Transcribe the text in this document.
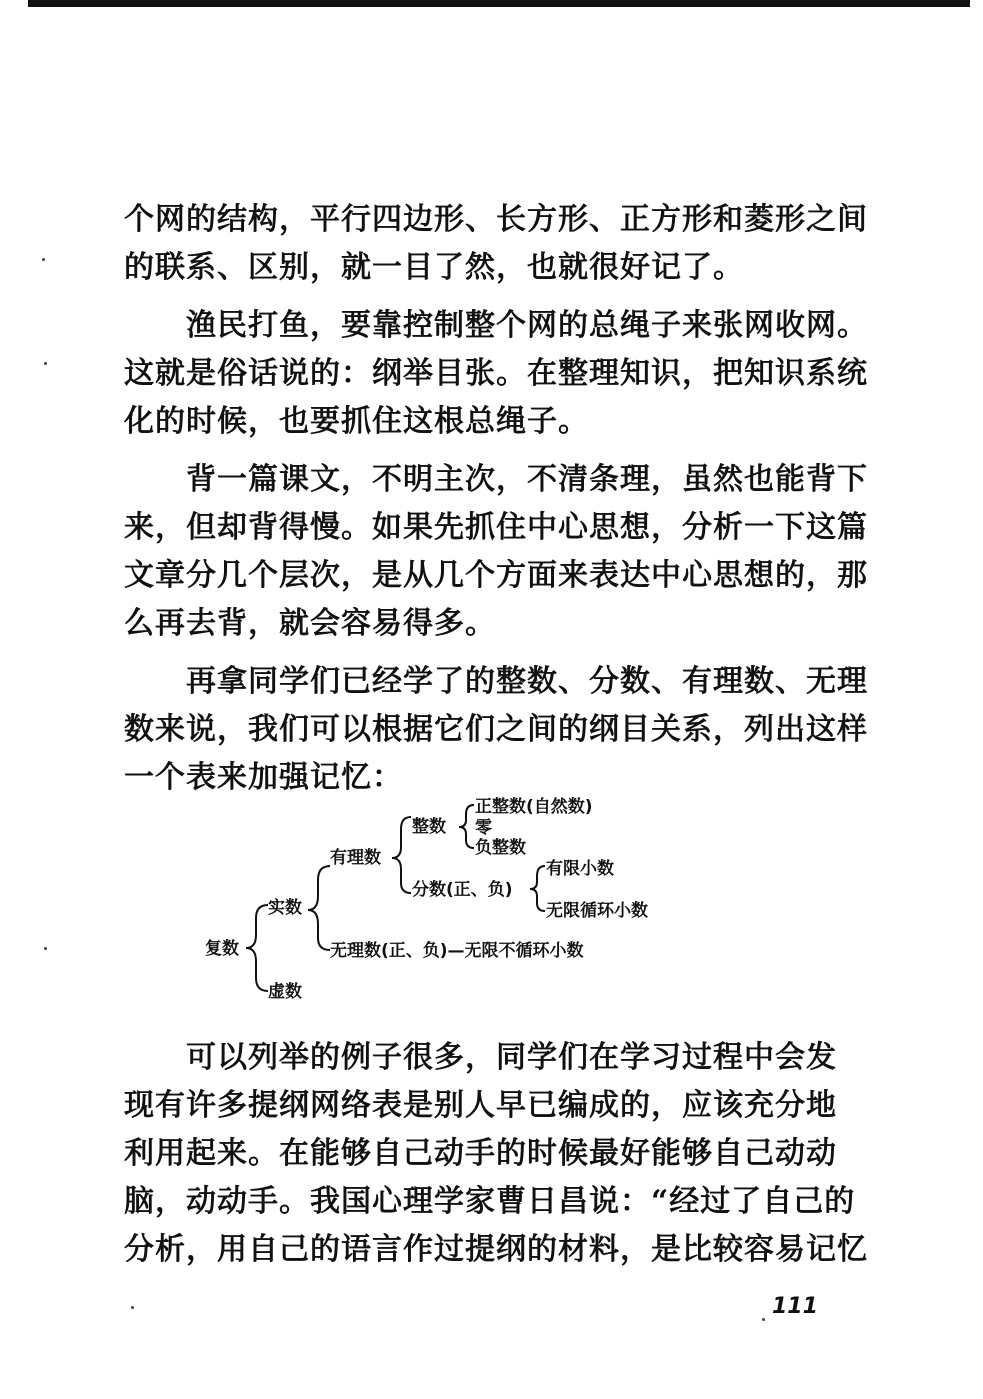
个网的结构，平行四边形、长方形、正方形和菱形之间
的联系、区别，就一目了然，也就很好记了。
渔民打鱼，要靠控制整个网的总绳子来张网收网。
这就是俗话说的：纲举目张。在整理知识，把知识系统
化的时候，也要抓住这根总绳子。
背一篇课文，不明主次，不清条理，虽然也能背下
来，但却背得慢。如果先抓住中心思想，分析一下这篇
文章分几个层次，是从几个方面来表达中心思想的，那
么再去背，就会容易得多。
再拿同学们已经学了的整数、分数、有理数、无理
数来说，我们可以根据它们之间的纲目关系，列出这样
一个表来加强记忆：
复数
实数
虚数
有理数
无理数(正、负)—无限不循环小数
整数
正整数(自然数)
零
负整数
分数(正、负)
有限小数
无限循环小数
可以列举的例子很多，同学们在学习过程中会发
现有许多提纲网络表是别人早已编成的，应该充分地
利用起来。在能够自己动手的时候最好能够自己动动
脑，动动手。我国心理学家曹日昌说：“经过了自己的
分析，用自己的语言作过提纲的材料，是比较容易记忆
111
